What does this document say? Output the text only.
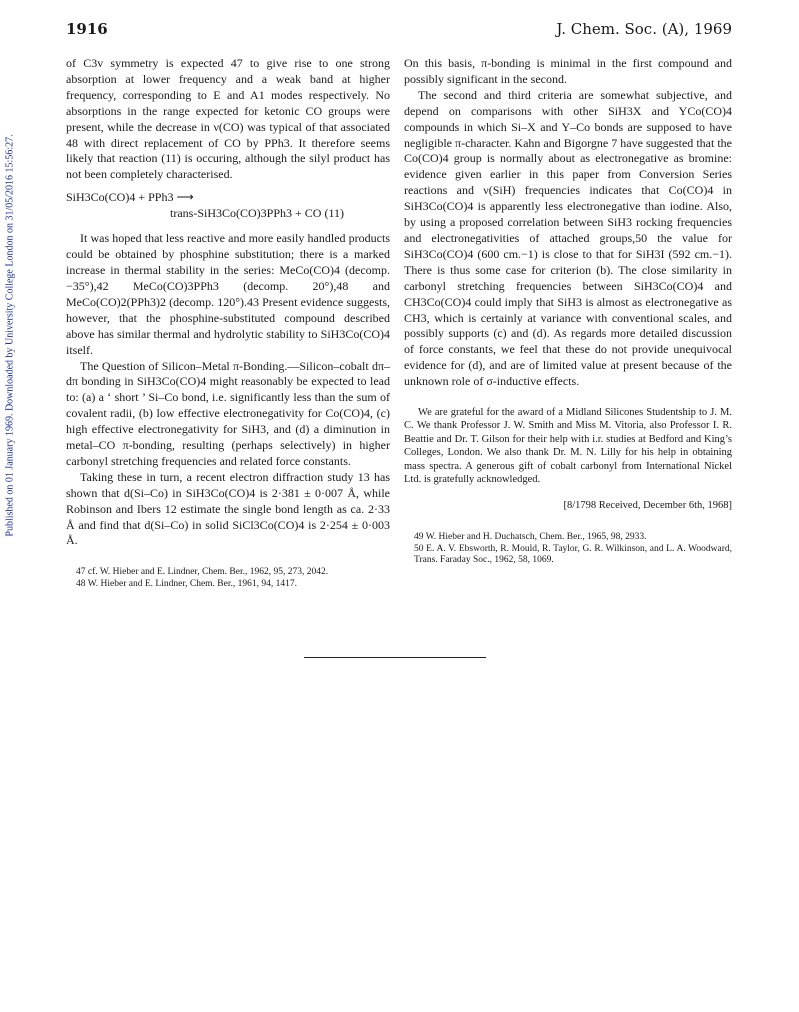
Published on 01 January 1969. Downloaded by University College London on 31/05/2016 15:56:27.
1916	J. Chem. Soc. (A), 1969

of C3v symmetry is expected 47 to give rise to one strong absorption at lower frequency and a weak band at higher frequency, corresponding to E and A1 modes respectively. No absorptions in the range expected for ketonic CO groups were present, while the decrease in ν(CO) was typical of that associated 48 with direct replacement of CO by PPh3. It therefore seems likely that reaction (11) is occuring, although the silyl product has not been completely characterised.

SiH3Co(CO)4 + PPh3 ⟶
trans-SiH3Co(CO)3PPh3 + CO (11)

It was hoped that less reactive and more easily handled products could be obtained by phosphine substitution; there is a marked increase in thermal stability in the series: MeCo(CO)4 (decomp. −35°),42 MeCo(CO)3PPh3 (decomp. 20°),48 and MeCo(CO)2(PPh3)2 (decomp. 120°).43 Present evidence suggests, however, that the phosphine-substituted compound described above has similar thermal and hydrolytic stability to SiH3Co(CO)4 itself.

The Question of Silicon–Metal π-Bonding.—Silicon–cobalt dπ–dπ bonding in SiH3Co(CO)4 might reasonably be expected to lead to: (a) a ‘ short ’ Si–Co bond, i.e. significantly less than the sum of covalent radii, (b) low effective electronegativity for Co(CO)4, (c) high effective electronegativity for SiH3, and (d) a diminution in metal–CO π-bonding, resulting (perhaps selectively) in higher carbonyl stretching frequencies and related force constants.

Taking these in turn, a recent electron diffraction study 13 has shown that d(Si–Co) in SiH3Co(CO)4 is 2·381 ± 0·007 Å, while Robinson and Ibers 12 estimate the single bond length as ca. 2·33 Å and find that d(Si–Co) in solid SiCl3Co(CO)4 is 2·254 ± 0·003 Å.

47 cf. W. Hieber and E. Lindner, Chem. Ber., 1962, 95, 273, 2042.
48 W. Hieber and E. Lindner, Chem. Ber., 1961, 94, 1417.

On this basis, π-bonding is minimal in the first compound and possibly significant in the second.

The second and third criteria are somewhat subjective, and depend on comparisons with other SiH3X and YCo(CO)4 compounds in which Si–X and Y–Co bonds are supposed to have negligible π-character. Kahn and Bigorgne 7 have suggested that the Co(CO)4 group is normally about as electronegative as bromine: evidence given earlier in this paper from Conversion Series reactions and ν(SiH) frequencies indicates that Co(CO)4 in SiH3Co(CO)4 is apparently less electronegative than iodine. Also, by using a proposed correlation between SiH3 rocking frequencies and electronegativities of attached groups,50 the value for SiH3Co(CO)4 (600 cm.−1) is close to that for SiH3I (592 cm.−1). There is thus some case for criterion (b). The close similarity in carbonyl stretching frequencies between SiH3Co(CO)4 and CH3Co(CO)4 could imply that SiH3 is almost as electronegative as CH3, which is certainly at variance with conventional scales, and possibly supports (c) and (d). As regards more detailed discussion of force constants, we feel that these do not provide unequivocal evidence for (d), and are of limited value at present because of the unknown role of σ-inductive effects.

We are grateful for the award of a Midland Silicones Studentship to J. M. C. We thank Professor J. W. Smith and Miss M. Vitoria, also Professor I. R. Beattie and Dr. T. Gilson for their help with i.r. studies at Bedford and King’s Colleges, London. We also thank Dr. M. N. Lilly for his help in obtaining mass spectra. A generous gift of cobalt carbonyl from International Nickel Ltd. is gratefully acknowledged.

[8/1798 Received, December 6th, 1968]
49 W. Hieber and H. Duchatsch, Chem. Ber., 1965, 98, 2933.
50 E. A. V. Ebsworth, R. Mould, R. Taylor, G. R. Wilkinson, and L. A. Woodward, Trans. Faraday Soc., 1962, 58, 1069.
